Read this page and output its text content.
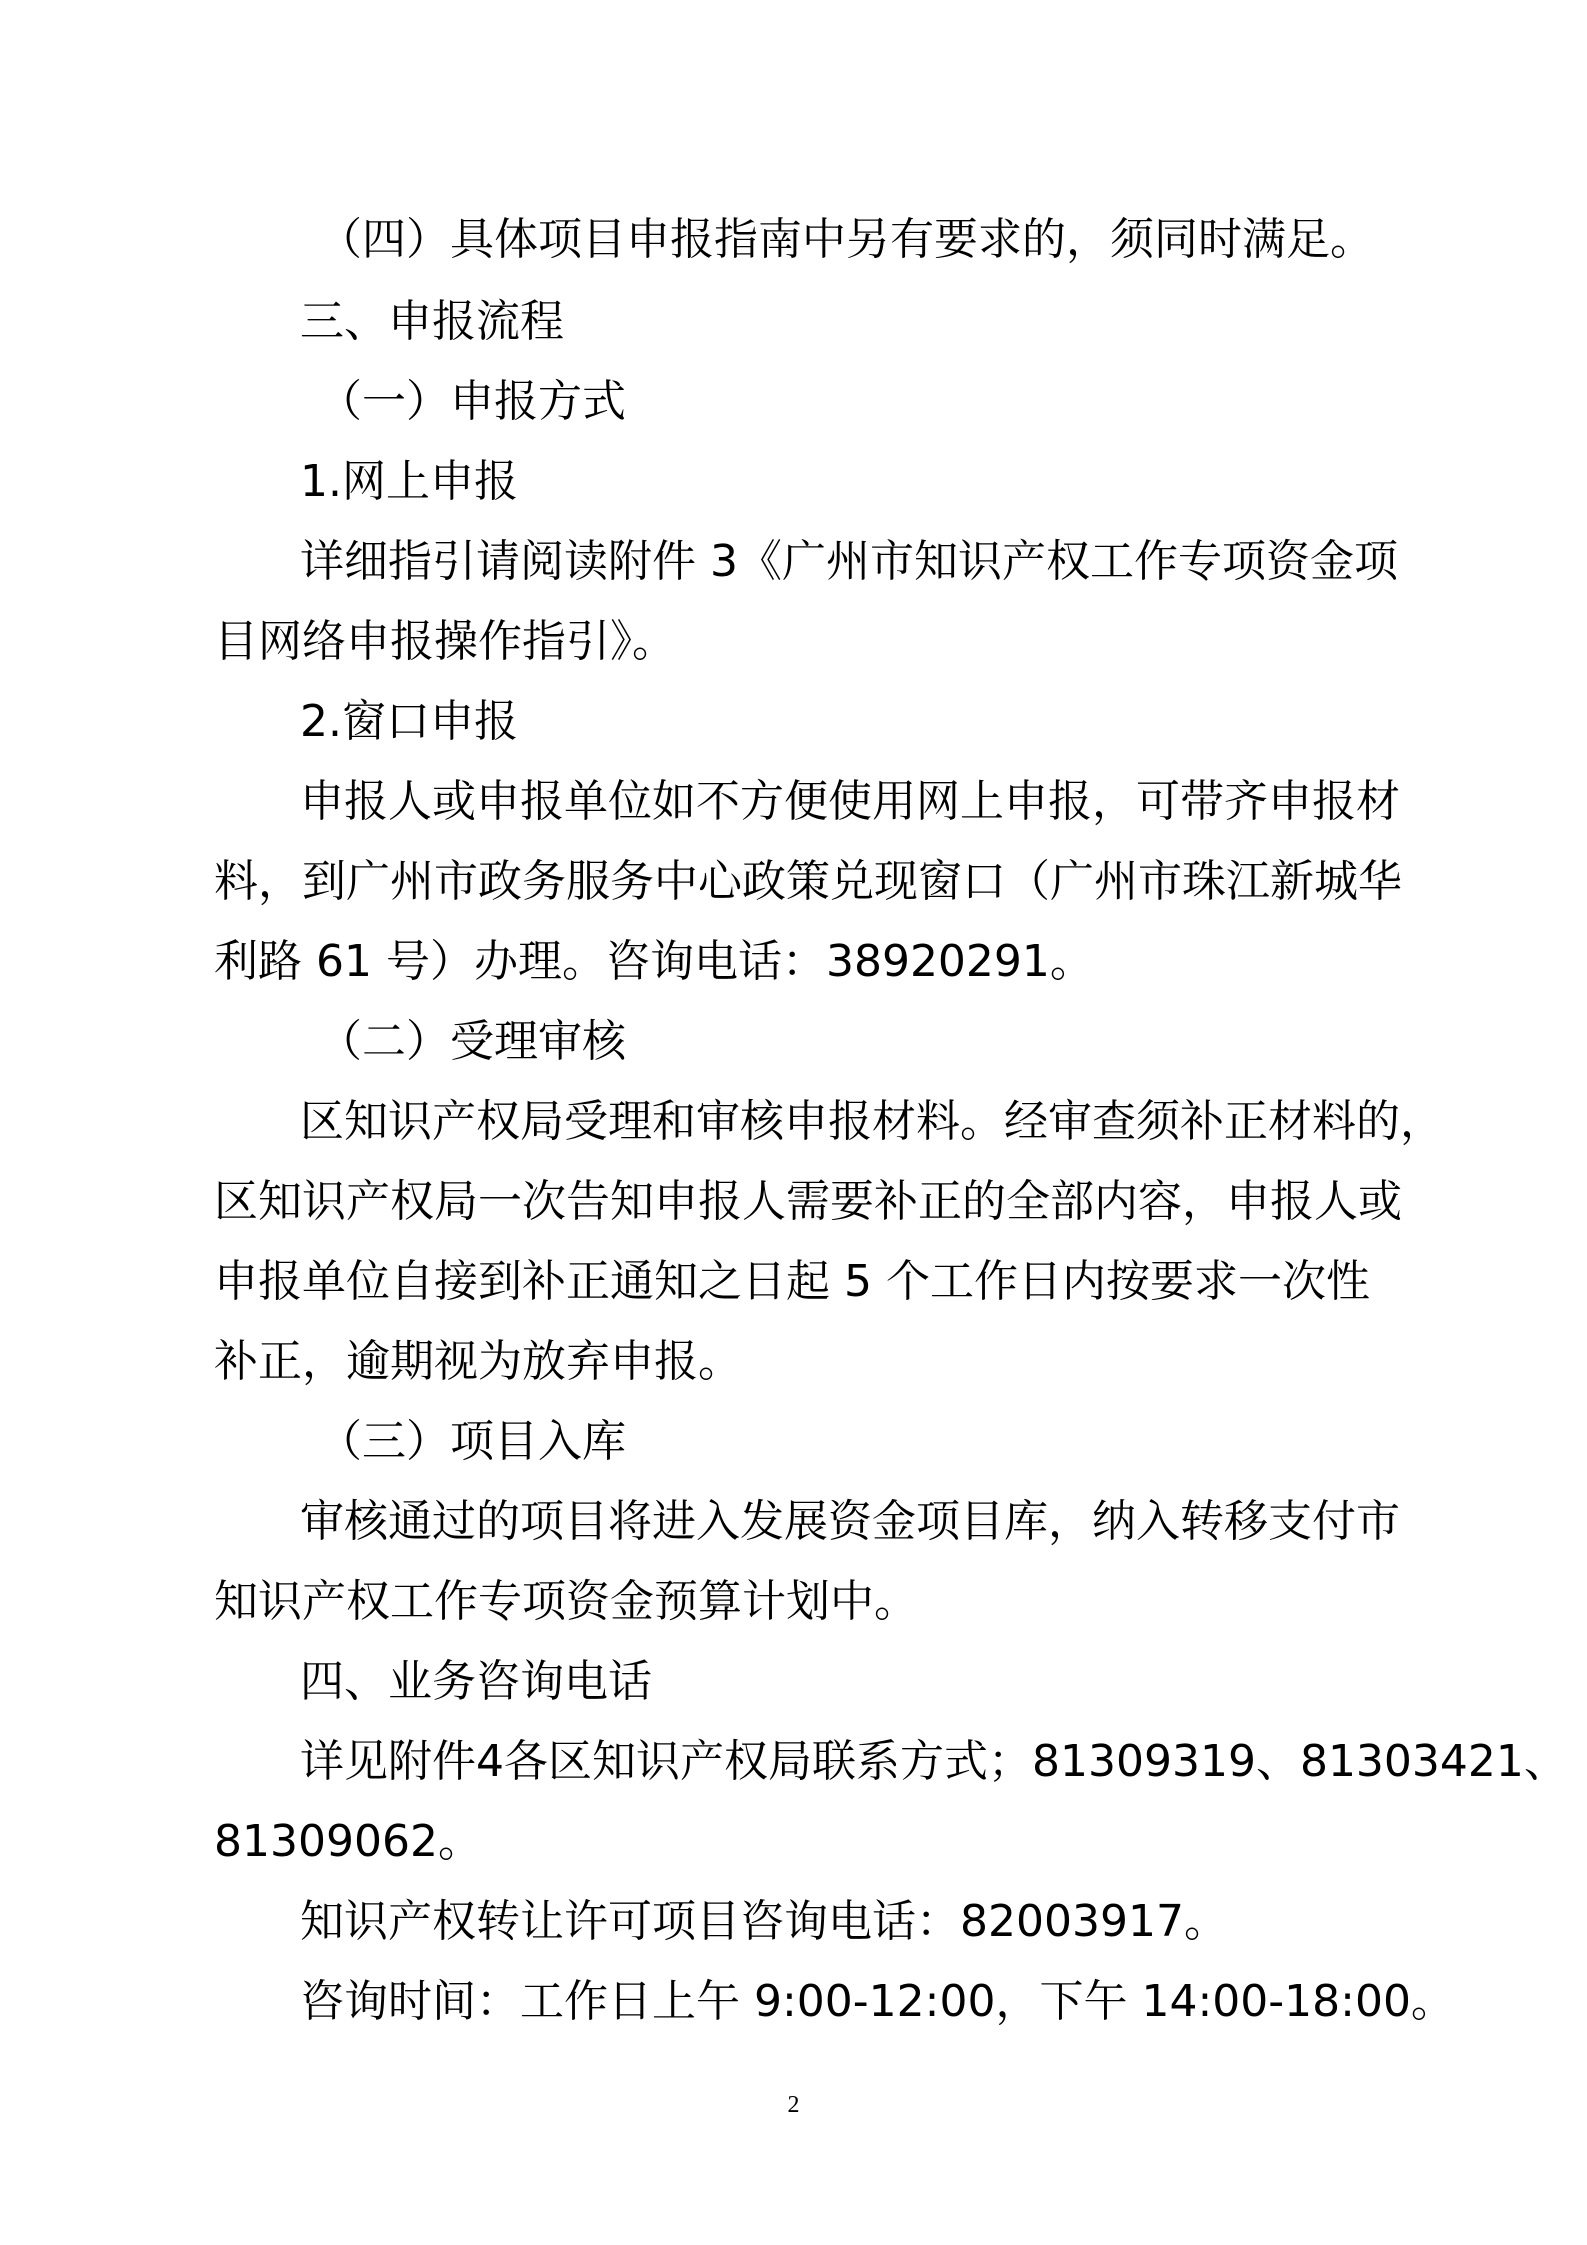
（四）具体项目申报指南中另有要求的，须同时满足。

三、申报流程

（一）申报方式

1.网上申报

详细指引请阅读附件 3《广州市知识产权工作专项资金项

目网络申报操作指引》。

2.窗口申报

申报人或申报单位如不方便使用网上申报，可带齐申报材

料，到广州市政务服务中心政策兑现窗口（广州市珠江新城华

利路 61 号）办理。咨询电话：38920291。

（二）受理审核

区知识产权局受理和审核申报材料。经审查须补正材料的，

区知识产权局一次告知申报人需要补正的全部内容，申报人或

申报单位自接到补正通知之日起 5 个工作日内按要求一次性

补正，逾期视为放弃申报。

（三）项目入库

审核通过的项目将进入发展资金项目库，纳入转移支付市

知识产权工作专项资金预算计划中。

四、业务咨询电话

详见附件4各区知识产权局联系方式；81309319、81303421、

81309062。

知识产权转让许可项目咨询电话：82003917。

咨询时间：工作日上午 9:00-12:00，下午 14:00-18:00。

2
